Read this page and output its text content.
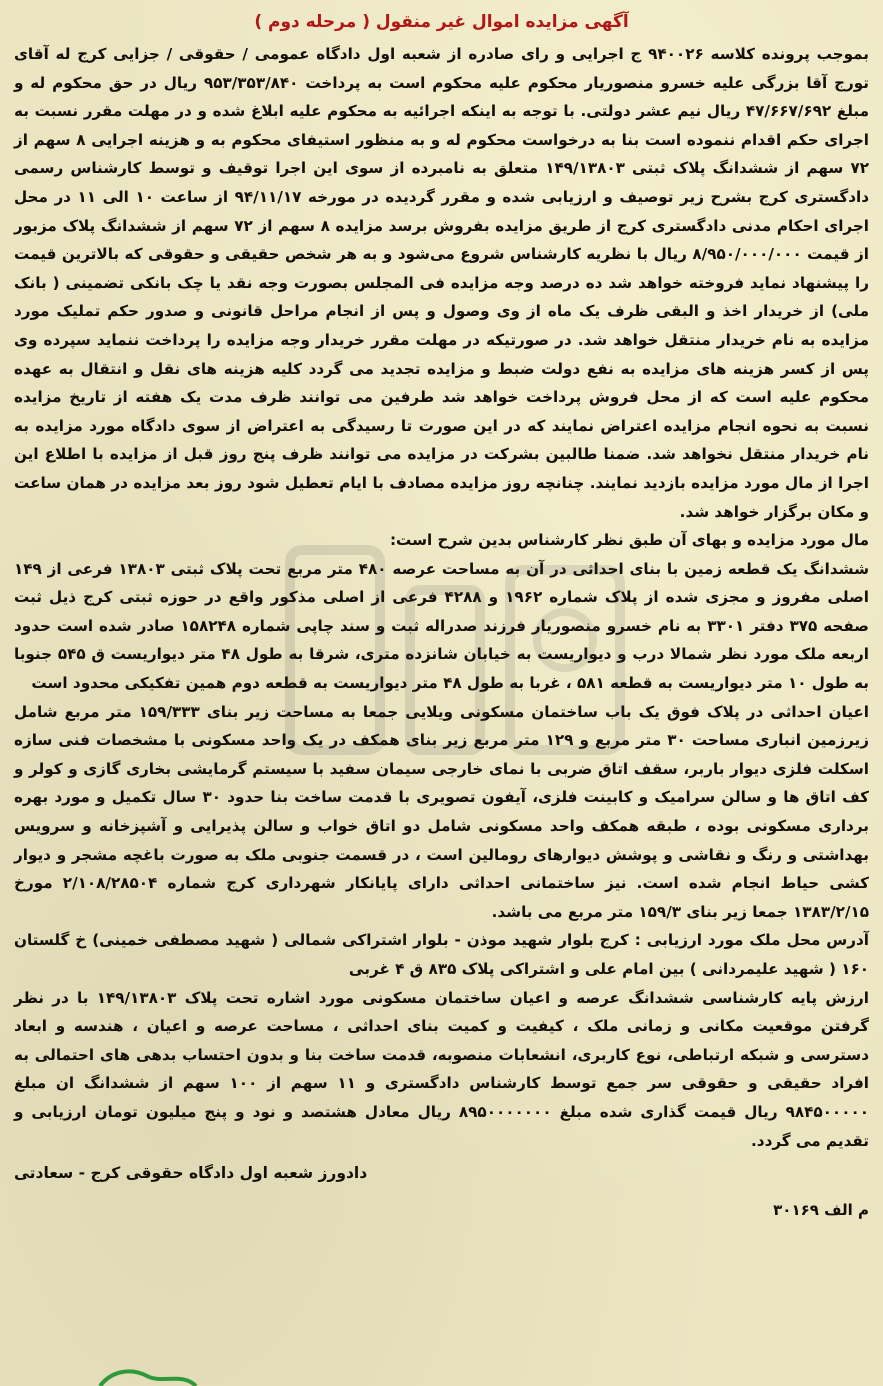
آگهی مزایده اموال غیر منقول ( مرحله دوم )

بموجب پرونده کلاسه ۹۴۰۰۲۶ ج اجرایی و رای صادره از شعبه اول دادگاه عمومی / حقوقی / جزایی کرج له آقای تورج آقا بزرگی علیه خسرو منصوریار محکوم علیه محکوم است به پرداخت ۹۵۳/۳۵۳/۸۴۰ ریال در حق محکوم له و مبلغ ۴۷/۶۶۷/۶۹۲ ریال نیم عشر دولتی. با توجه به اینکه اجرائیه به محکوم علیه ابلاغ شده و در مهلت مقرر نسبت به اجرای حکم اقدام ننموده است بنا به درخواست محکوم له و به منظور استیفای محکوم به و هزینه اجرایی ۸ سهم از ۷۲ سهم از ششدانگ پلاک ثبتی ۱۴۹/۱۳۸۰۳ متعلق به نامبرده از سوی این اجرا توقیف و توسط کارشناس رسمی دادگستری کرج بشرح زیر توصیف و ارزیابی شده و مقرر گردیده در مورخه ۹۴/۱۱/۱۷ از ساعت ۱۰ الی ۱۱ در محل اجرای احکام مدنی دادگستری کرج از طریق مزایده بفروش برسد مزایده ۸ سهم از ۷۲ سهم از ششدانگ پلاک مزبور از قیمت ۸/۹۵۰/۰۰۰/۰۰۰ ریال با نظریه کارشناس شروع می‌شود و به هر شخص حقیقی و حقوقی که بالاترین قیمت را پیشنهاد نماید فروخته خواهد شد ده درصد وجه مزایده فی المجلس بصورت وجه نقد یا چک بانکی تضمینی ( بانک ملی) از خریدار اخذ و البقی ظرف یک ماه از وی وصول و پس از انجام مراحل قانونی و صدور حکم تملیک مورد مزایده به نام خریدار منتقل خواهد شد. در صورتیکه در مهلت مقرر خریدار وجه مزایده را پرداخت ننماید سپرده وی پس از کسر هزینه های مزایده به نفع دولت ضبط و مزایده تجدید می گردد کلیه هزینه های نقل و انتقال به عهده محکوم علیه است که از محل فروش پرداخت خواهد شد طرفین می توانند ظرف مدت یک هفته از تاریخ مزایده نسبت به نحوه انجام مزایده اعتراض نمایند که در این صورت تا رسیدگی به اعتراض از سوی دادگاه مورد مزایده به نام خریدار منتقل نخواهد شد. ضمنا طالبین بشرکت در مزایده می توانند ظرف پنج روز قبل از مزایده با اطلاع این اجرا از مال مورد مزایده بازدید نمایند. چنانچه روز مزایده مصادف با ایام تعطیل شود روز بعد مزایده در همان ساعت و مکان برگزار خواهد شد.

مال مورد مزایده و بهای آن طبق نظر کارشناس بدین شرح است:

ششدانگ یک قطعه زمین با بنای احداثی در آن به مساحت عرصه ۴۸۰ متر مربع تحت پلاک ثبتی ۱۳۸۰۳ فرعی از ۱۴۹ اصلی مفروز و مجزی شده از پلاک شماره ۱۹۶۲ و ۴۲۸۸ فرعی از اصلی مذکور واقع در حوزه ثبتی کرج ذیل ثبت صفحه ۳۷۵ دفتر ۳۳۰۱ به نام خسرو منصوریار فرزند صدراله ثبت و سند چاپی شماره ۱۵۸۲۴۸ صادر شده است حدود اربعه ملک مورد نظر شمالا درب و دیواریست به خیابان شانزده متری، شرقا به طول ۴۸ متر دیواریست ق ۵۴۵ جنوبا به طول ۱۰ متر دیواریست به قطعه ۵۸۱ ، غربا به طول ۴۸ متر دیواریست به قطعه دوم همین تفکیکی محدود است

اعیان احداثی در پلاک فوق یک باب ساختمان مسکونی ویلایی جمعا به مساحت زیر بنای ۱۵۹/۳۳۳ متر مربع شامل زیرزمین انباری مساحت ۳۰ متر مربع و ۱۲۹ متر مربع زیر بنای همکف در یک واحد مسکونی با مشخصات فنی سازه اسکلت فلزی دیوار باربر، سقف اتاق ضربی با نمای خارجی سیمان سفید با سیستم گرمایشی بخاری گازی و کولر و کف اتاق ها و سالن سرامیک و کابینت فلزی، آیفون تصویری با قدمت ساخت بنا حدود ۳۰ سال تکمیل و مورد بهره برداری مسکونی بوده ، طبقه همکف واحد مسکونی شامل دو اتاق خواب و سالن پذیرایی و آشپزخانه و سرویس بهداشتی و رنگ و نقاشی و پوشش دیوارهای رومالین است ، در قسمت جنوبی ملک به صورت باغچه مشجر و دیوار کشی حیاط انجام شده است. نیز ساختمانی احداثی دارای پایانکار شهرداری کرج شماره ۲/۱۰۸/۲۸۵۰۴ مورخ ۱۳۸۳/۲/۱۵ جمعا زیر بنای ۱۵۹/۳ متر مربع می باشد.

آدرس محل ملک مورد ارزیابی : کرج بلوار شهید موذن - بلوار اشتراکی شمالی ( شهید مصطفی خمینی) خ گلستان ۱۶۰ ( شهید علیمردانی ) بین امام علی و اشتراکی پلاک ۸۳۵ ق ۴ غربی

ارزش پایه کارشناسی ششدانگ عرصه و اعیان ساختمان مسکونی مورد اشاره تحت پلاک ۱۴۹/۱۳۸۰۳ با در نظر گرفتن موقعیت مکانی و زمانی ملک ، کیفیت و کمیت بنای احداثی ، مساحت عرصه و اعیان ، هندسه و ابعاد دسترسی و شبکه ارتباطی، نوع کاربری، انشعابات منصوبه، قدمت ساخت بنا و بدون احتساب بدهی های احتمالی به افراد حقیقی و حقوقی سر جمع توسط کارشناس دادگستری و ۱۱ سهم از ۱۰۰ سهم از ششدانگ ان مبلغ ۹۸۴۵۰۰۰۰۰ ریال قیمت گذاری شده مبلغ ۸۹۵۰۰۰۰۰۰۰ ریال معادل هشتصد و نود و پنج میلیون تومان ارزیابی و تقدیم می گردد.

دادورز شعبه اول دادگاه حقوقی کرج - سعادتی
م الف ۳۰۱۶۹
